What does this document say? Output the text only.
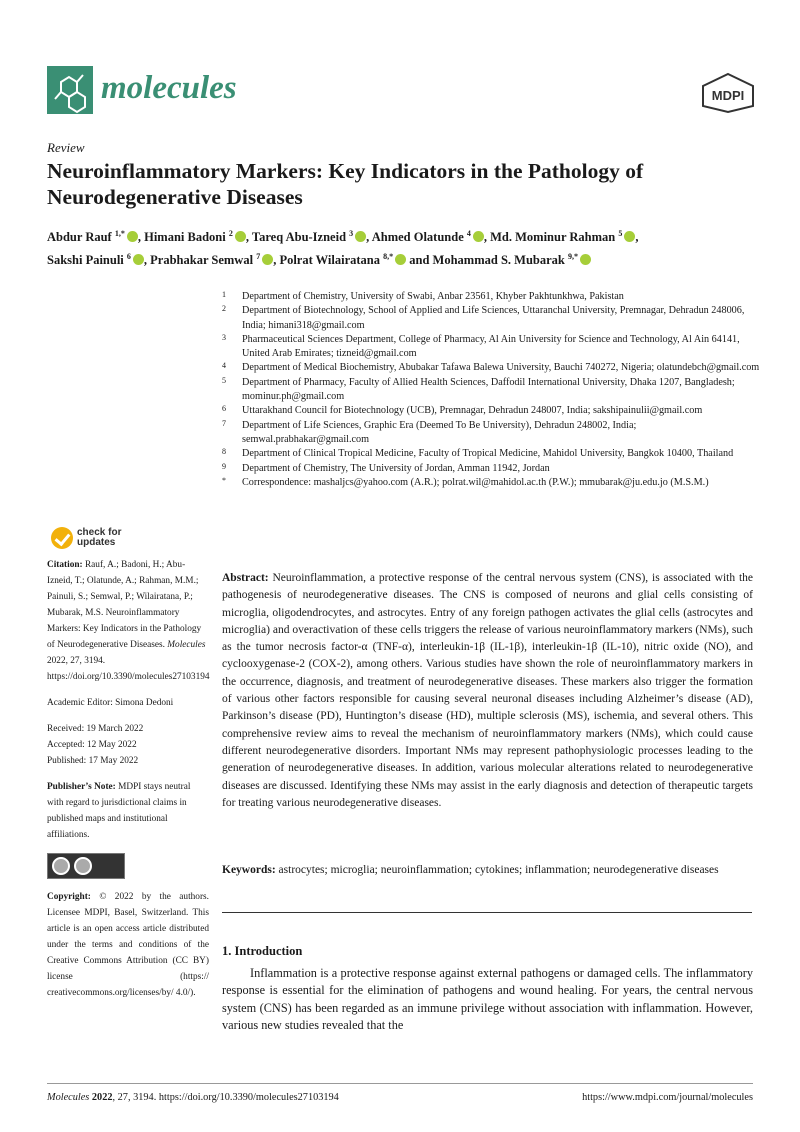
molecules	MDPI
Review
Neuroinflammatory Markers: Key Indicators in the Pathology of Neurodegenerative Diseases
Abdur Rauf $^{1,*}$ , Himani Badoni $^2$ , Tareq Abu-Izneid $^3$ , Ahmed Olatunde $^4$ , Md. Mominur Rahman $^5$ ,
Sakshi Painuli $^6$ , Prabhakar Semwal $^7$ , Polrat Wilairatana $^{8,*}$ and Mohammad S. Mubarak $^{9,*}$
1 Department of Chemistry, University of Swabi, Anbar 23561, Khyber Pakhtunkhwa, Pakistan
2 Department of Biotechnology, School of Applied and Life Sciences, Uttaranchal University, Premnagar, Dehradun 248006, India; himani318@gmail.com
3 Pharmaceutical Sciences Department, College of Pharmacy, Al Ain University for Science and Technology, Al Ain 64141, United Arab Emirates; tizneid@gmail.com
4 Department of Medical Biochemistry, Abubakar Tafawa Balewa University, Bauchi 740272, Nigeria; olatundebch@gmail.com
5 Department of Pharmacy, Faculty of Allied Health Sciences, Daffodil International University, Dhaka 1207, Bangladesh; mominur.ph@gmail.com
6 Uttarakhand Council for Biotechnology (UCB), Premnagar, Dehradun 248007, India; sakshipainulii@gmail.com
7 Department of Life Sciences, Graphic Era (Deemed To Be University), Dehradun 248002, India; semwal.prabhakar@gmail.com
8 Department of Clinical Tropical Medicine, Faculty of Tropical Medicine, Mahidol University, Bangkok 10400, Thailand
9 Department of Chemistry, The University of Jordan, Amman 11942, Jordan
* Correspondence: mashaljcs@yahoo.com (A.R.); polrat.wil@mahidol.ac.th (P.W.); mmubarak@ju.edu.jo (M.S.M.)
check for
updates
Citation: Rauf, A.; Badoni, H.; Abu-Izneid, T.; Olatunde, A.; Rahman, M.M.; Painuli, S.; Semwal, P.; Wilairatana, P.; Mubarak, M.S. Neuroinflammatory Markers: Key Indicators in the Pathology of Neurodegenerative Diseases. Molecules 2022, 27, 3194. https://doi.org/10.3390/molecules27103194
Academic Editor: Simona Dedoni
Received: 19 March 2022
Accepted: 12 May 2022
Published: 17 May 2022
Publisher’s Note: MDPI stays neutral with regard to jurisdictional claims in published maps and institutional affiliations.
Copyright: © 2022 by the authors. Licensee MDPI, Basel, Switzerland. This article is an open access article distributed under the terms and conditions of the Creative Commons Attribution (CC BY) license (https:// creativecommons.org/licenses/by/ 4.0/).
Abstract: Neuroinflammation, a protective response of the central nervous system (CNS), is associated with the pathogenesis of neurodegenerative diseases. The CNS is composed of neurons and glial cells consisting of microglia, oligodendrocytes, and astrocytes. Entry of any foreign pathogen activates the glial cells (astrocytes and microglia) and overactivation of these cells triggers the release of various neuroinflammatory markers (NMs), such as the tumor necrosis factor-α (TNF-α), interleukin-1β (IL-1β), interleukin-1β (IL-10), nitric oxide (NO), and cyclooxygenase-2 (COX-2), among others. Various studies have shown the role of neuroinflammatory markers in the occurrence, diagnosis, and treatment of neurodegenerative diseases. These markers also trigger the formation of various other factors responsible for causing several neuronal diseases including Alzheimer’s disease (AD), Parkinson’s disease (PD), Huntington’s disease (HD), multiple sclerosis (MS), ischemia, and several others. This comprehensive review aims to reveal the mechanism of neuroinflammatory markers (NMs), which could cause different neurodegenerative disorders. Important NMs may represent pathophysiologic processes leading to the generation of neurodegenerative diseases. In addition, various molecular alterations related to neurodegenerative diseases are discussed. Identifying these NMs may assist in the early diagnosis and detection of therapeutic targets for treating various neurodegenerative diseases.
Keywords: astrocytes; microglia; neuroinflammation; cytokines; inflammation; neurodegenerative diseases
1. Introduction
Inflammation is a protective response against external pathogens or damaged cells. The inflammatory response is essential for the elimination of pathogens and wound healing. For years, the central nervous system (CNS) has been regarded as an immune privilege without association with inflammation. However, various new studies revealed that the
Molecules 2022, 27, 3194. https://doi.org/10.3390/molecules27103194	https://www.mdpi.com/journal/molecules
